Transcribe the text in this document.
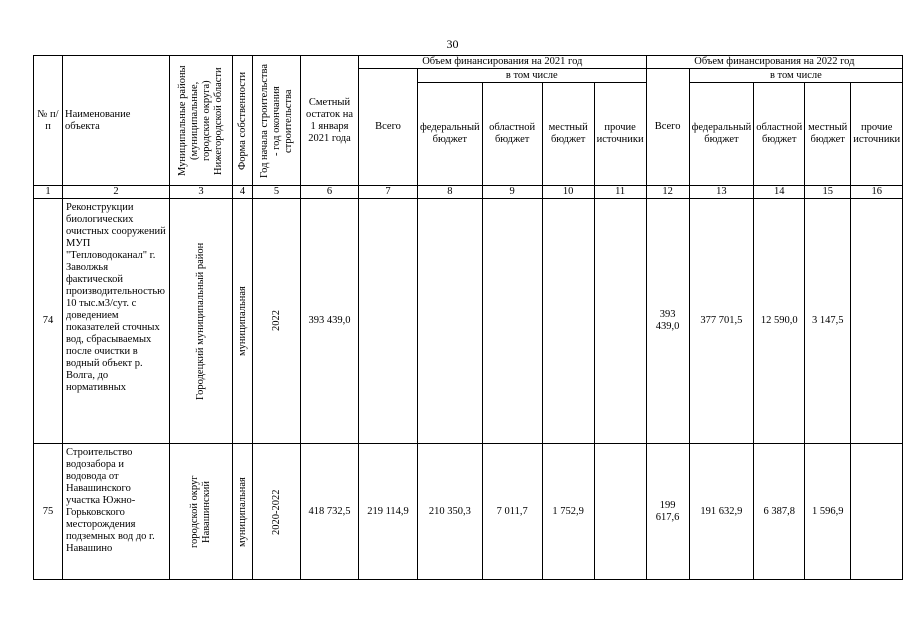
30
№ п/п	Наименование объекта	Муниципальные районы (муниципальные, городские округа) Нижегородской области	Форма собственности	Год начала строительства - год окончания строительства	Сметный остаток на 1 января 2021 года	Объем финансирования на 2021 год					Объем финансирования на 2022 год				
						Всего	в том числе				Всего	в том числе			
							федеральный бюджет	областной бюджет	местный бюджет	прочие источники		федеральный бюджет	областной бюджет	местный бюджет	прочие источники
1	2	3	4	5	6	7	8	9	10	11	12	13	14	15	16
74	Реконструкции биологических очистных сооружений МУП "Тепловодоканал" г. Заволжья фактической производительностью 10 тыс.м3/сут. с доведением показателей сточных вод, сбрасываемых после очистки в водный объект р. Волга, до нормативных	Городецкий муниципальный район	муниципальная	2022	393 439,0						393 439,0	377 701,5	12 590,0	3 147,5	
75	Строительство водозабора и водовода от Навашинского участка Южно-Горьковского месторождения подземных вод до г. Навашино	городской округ Навашинский	муниципальная	2020-2022	418 732,5	219 114,9	210 350,3	7 011,7	1 752,9		199 617,6	191 632,9	6 387,8	1 596,9	
